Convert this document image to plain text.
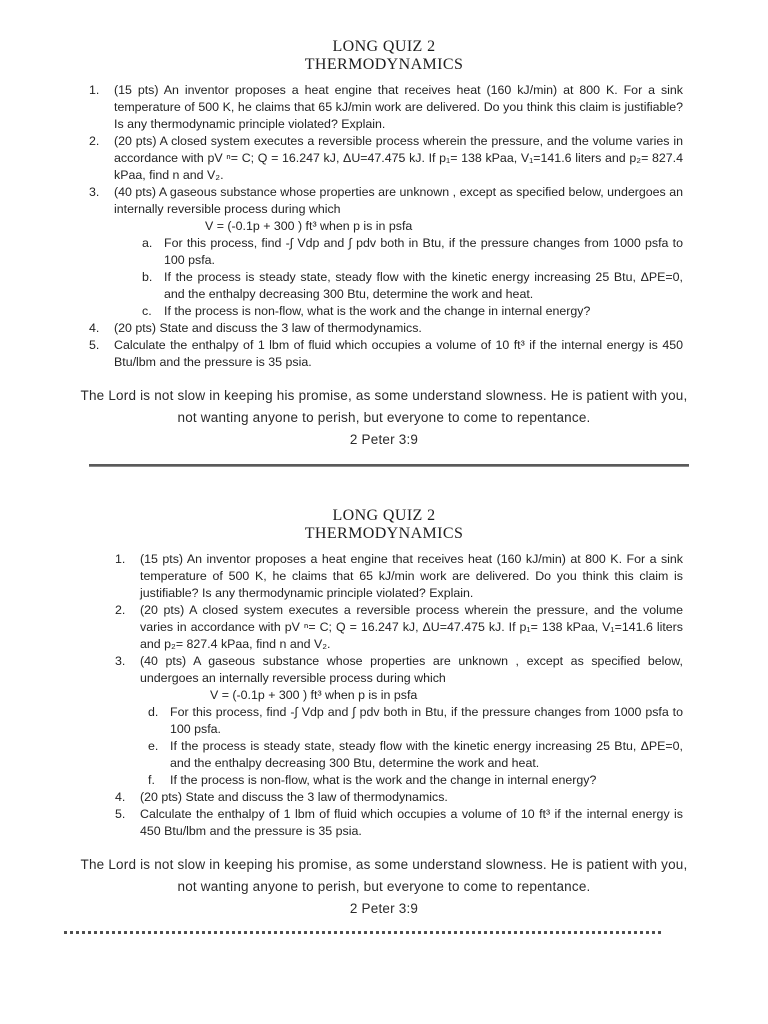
LONG QUIZ 2
THERMODYNAMICS
1.	(15 pts) An inventor proposes a heat engine that receives heat (160 kJ/min) at 800 K. For a sink temperature of 500 K, he claims that 65 kJ/min work are delivered. Do you think this claim is justifiable? Is any thermodynamic principle violated? Explain.
2.	(20 pts) A closed system executes a reversible process wherein the pressure, and the volume varies in accordance with pV ⁿ= C; Q = 16.247 kJ, ΔU=47.475 kJ. If p₁= 138 kPaa, V₁=141.6 liters and p₂= 827.4 kPaa, find n and V₂.
3.	(40 pts) A gaseous substance whose properties are unknown , except as specified below, undergoes an internally reversible process during which
V = (-0.1p + 300 ) ft³ when p is in psfa
a. For this process, find -∫ Vdp and ∫ pdv both in Btu, if the pressure changes from 1000 psfa to 100 psfa.
b. If the process is steady state, steady flow with the kinetic energy increasing 25 Btu, ΔPE=0, and the enthalpy decreasing 300 Btu, determine the work and heat.
c. If the process is non-flow, what is the work and the change in internal energy?
4.	(20 pts) State and discuss the 3 law of thermodynamics.
5.	Calculate the enthalpy of 1 lbm of fluid which occupies a volume of 10 ft³ if the internal energy is 450 Btu/lbm and the pressure is 35 psia.
The Lord is not slow in keeping his promise, as some understand slowness. He is patient with you, not wanting anyone to perish, but everyone to come to repentance.
2 Peter 3:9
LONG QUIZ 2
THERMODYNAMICS
1.	(15 pts) An inventor proposes a heat engine that receives heat (160 kJ/min) at 800 K. For a sink temperature of 500 K, he claims that 65 kJ/min work are delivered. Do you think this claim is justifiable? Is any thermodynamic principle violated? Explain.
2.	(20 pts) A closed system executes a reversible process wherein the pressure, and the volume varies in accordance with pV ⁿ= C; Q = 16.247 kJ, ΔU=47.475 kJ. If p₁= 138 kPaa, V₁=141.6 liters and p₂= 827.4 kPaa, find n and V₂.
3.	(40 pts) A gaseous substance whose properties are unknown , except as specified below, undergoes an internally reversible process during which
V = (-0.1p + 300 ) ft³ when p is in psfa
d. For this process, find -∫ Vdp and ∫ pdv both in Btu, if the pressure changes from 1000 psfa to 100 psfa.
e. If the process is steady state, steady flow with the kinetic energy increasing 25 Btu, ΔPE=0, and the enthalpy decreasing 300 Btu, determine the work and heat.
f.	If the process is non-flow, what is the work and the change in internal energy?
4.	(20 pts) State and discuss the 3 law of thermodynamics.
5.	Calculate the enthalpy of 1 lbm of fluid which occupies a volume of 10 ft³ if the internal energy is 450 Btu/lbm and the pressure is 35 psia.
The Lord is not slow in keeping his promise, as some understand slowness. He is patient with you, not wanting anyone to perish, but everyone to come to repentance.
2 Peter 3:9
